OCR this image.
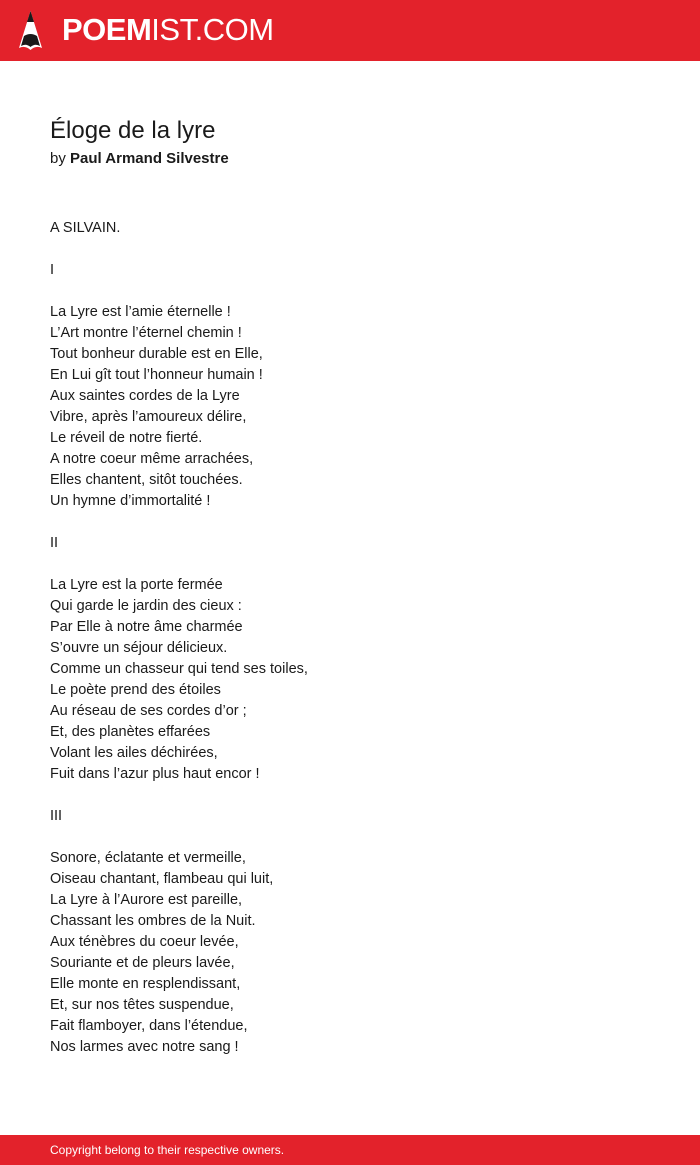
POEMIST.COM
Éloge de la lyre
by Paul Armand Silvestre
A SILVAIN.
I
La Lyre est l’amie éternelle !
L’Art montre l’éternel chemin !
Tout bonheur durable est en Elle,
En Lui gît tout l’honneur humain !
Aux saintes cordes de la Lyre
Vibre, après l’amoureux délire,
Le réveil de notre fierté.
A notre coeur même arrachées,
Elles chantent, sitôt touchées.
Un hymne d’immortalité !
II
La Lyre est la porte fermée
Qui garde le jardin des cieux :
Par Elle à notre âme charmée
S’ouvre un séjour délicieux.
Comme un chasseur qui tend ses toiles,
Le poète prend des étoiles
Au réseau de ses cordes d’or ;
Et, des planètes effarées
Volant les ailes déchirées,
Fuit dans l’azur plus haut encor !
III
Sonore, éclatante et vermeille,
Oiseau chantant, flambeau qui luit,
La Lyre à l’Aurore est pareille,
Chassant les ombres de la Nuit.
Aux ténèbres du coeur levée,
Souriante et de pleurs lavée,
Elle monte en resplendissant,
Et, sur nos têtes suspendue,
Fait flamboyer, dans l’étendue,
Nos larmes avec notre sang !
Copyright belong to their respective owners.
